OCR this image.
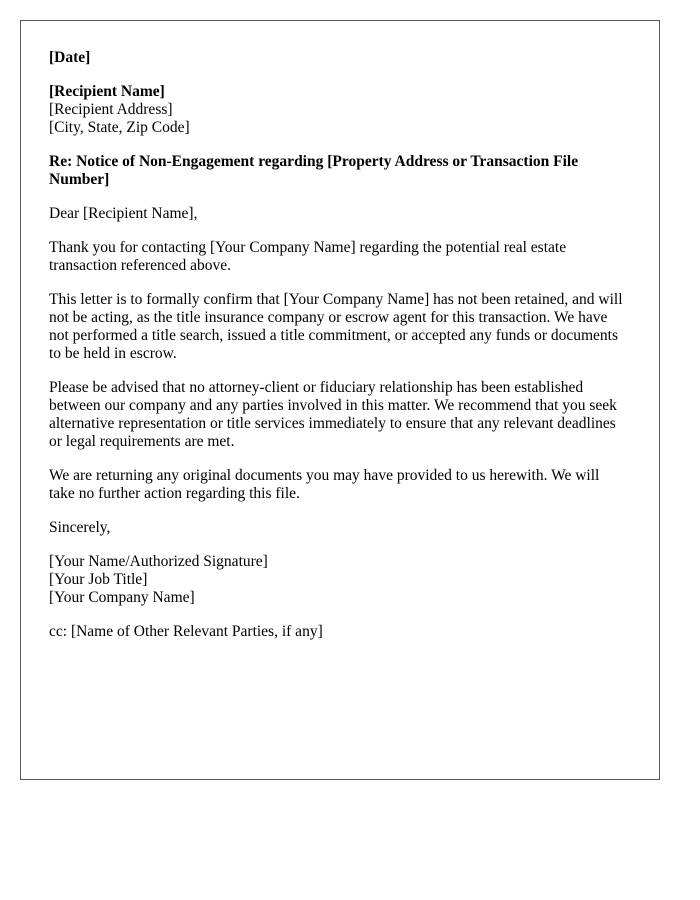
[Date]
[Recipient Name]
[Recipient Address]
[City, State, Zip Code]
Re: Notice of Non-Engagement regarding [Property Address or Transaction File Number]

Dear [Recipient Name],

Thank you for contacting [Your Company Name] regarding the potential real estate transaction referenced above.

This letter is to formally confirm that [Your Company Name] has not been retained, and will not be acting, as the title insurance company or escrow agent for this transaction. We have not performed a title search, issued a title commitment, or accepted any funds or documents to be held in escrow.

Please be advised that no attorney-client or fiduciary relationship has been established between our company and any parties involved in this matter. We recommend that you seek alternative representation or title services immediately to ensure that any relevant deadlines or legal requirements are met.

We are returning any original documents you may have provided to us herewith. We will take no further action regarding this file.

Sincerely,

[Your Name/Authorized Signature]
[Your Job Title]
[Your Company Name]

cc: [Name of Other Relevant Parties, if any]
